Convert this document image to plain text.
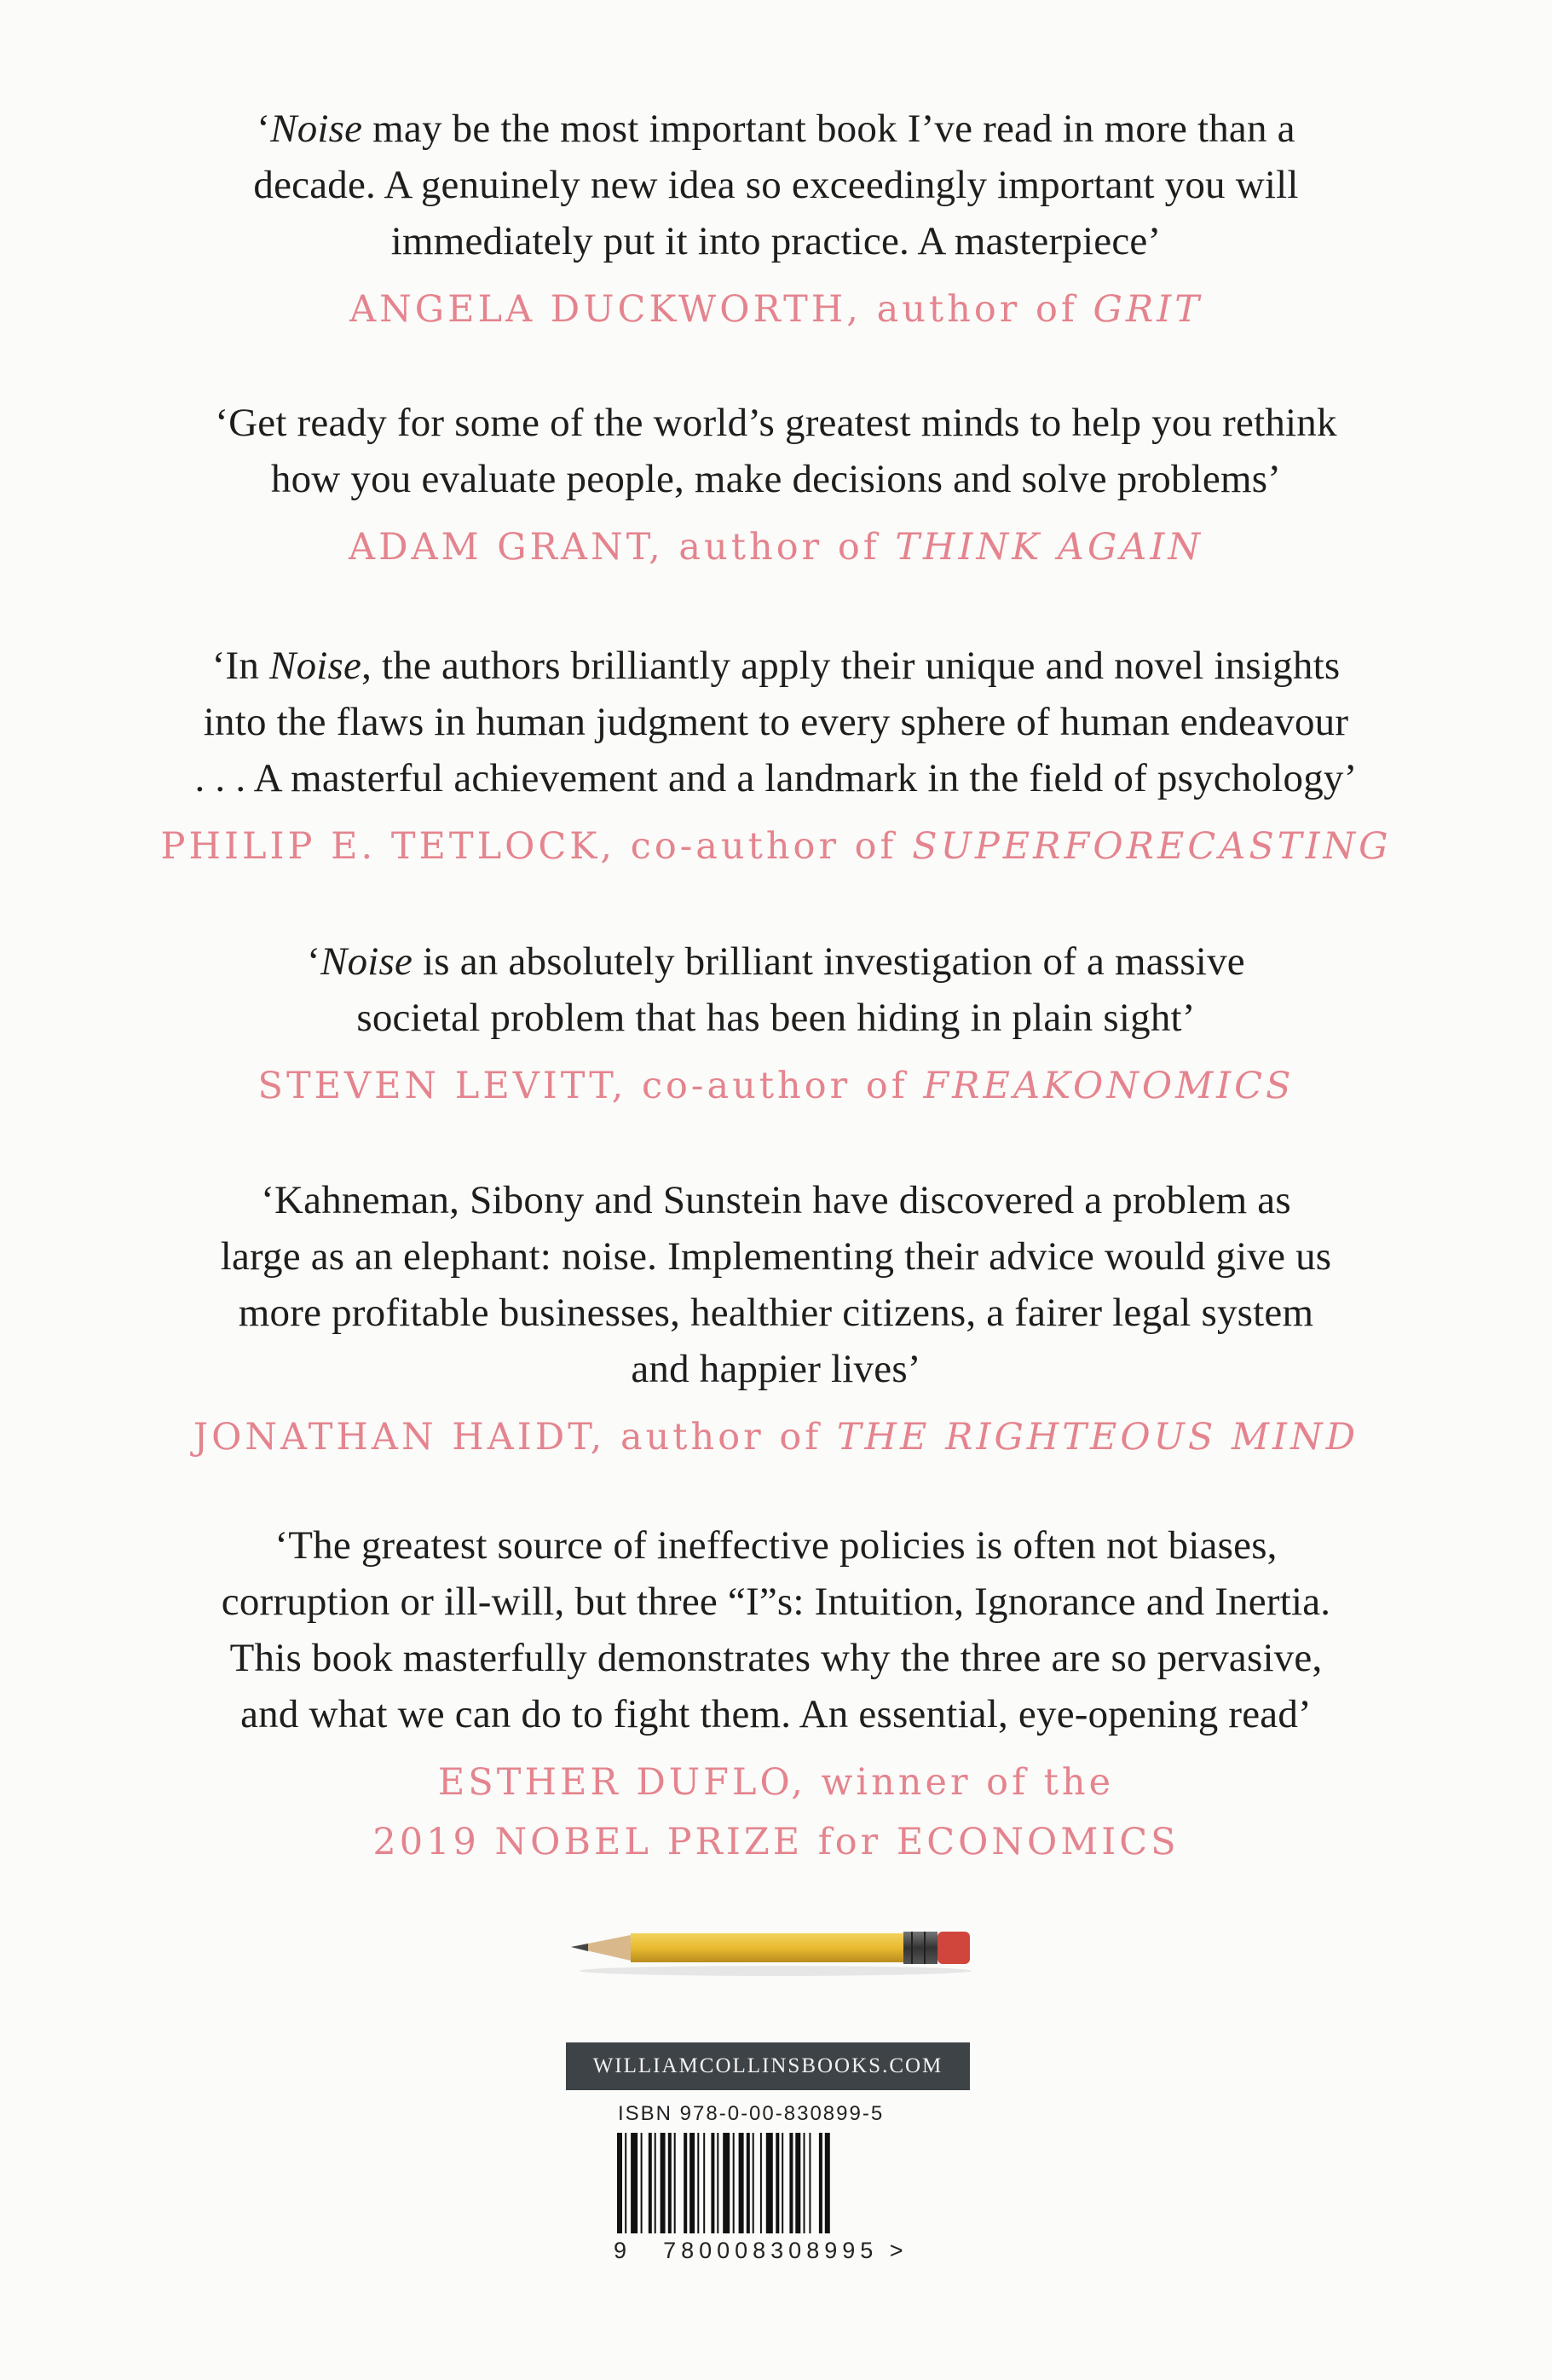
‘Noise may be the most important book I’ve read in more than a
decade. A genuinely new idea so exceedingly important you will
immediately put it into practice. A masterpiece’
ANGELA DUCKWORTH, author of GRIT
‘Get ready for some of the world’s greatest minds to help you rethink
how you evaluate people, make decisions and solve problems’
ADAM GRANT, author of THINK AGAIN
‘In Noise, the authors brilliantly apply their unique and novel insights
into the flaws in human judgment to every sphere of human endeavour
. . . A masterful achievement and a landmark in the field of psychology’
PHILIP E. TETLOCK, co-author of SUPERFORECASTING
‘Noise is an absolutely brilliant investigation of a massive
societal problem that has been hiding in plain sight’
STEVEN LEVITT, co-author of FREAKONOMICS
‘Kahneman, Sibony and Sunstein have discovered a problem as
large as an elephant: noise. Implementing their advice would give us
more profitable businesses, healthier citizens, a fairer legal system
and happier lives’
JONATHAN HAIDT, author of THE RIGHTEOUS MIND
‘The greatest source of ineffective policies is often not biases,
corruption or ill-will, but three “I”s: Intuition, Ignorance and Inertia.
This book masterfully demonstrates why the three are so pervasive,
and what we can do to fight them. An essential, eye-opening read’
ESTHER DUFLO, winner of the
2019 NOBEL PRIZE for ECONOMICS
WILLIAMCOLLINSBOOKS.COM
ISBN 978-0-00-830899-5
9 780008308995 >
